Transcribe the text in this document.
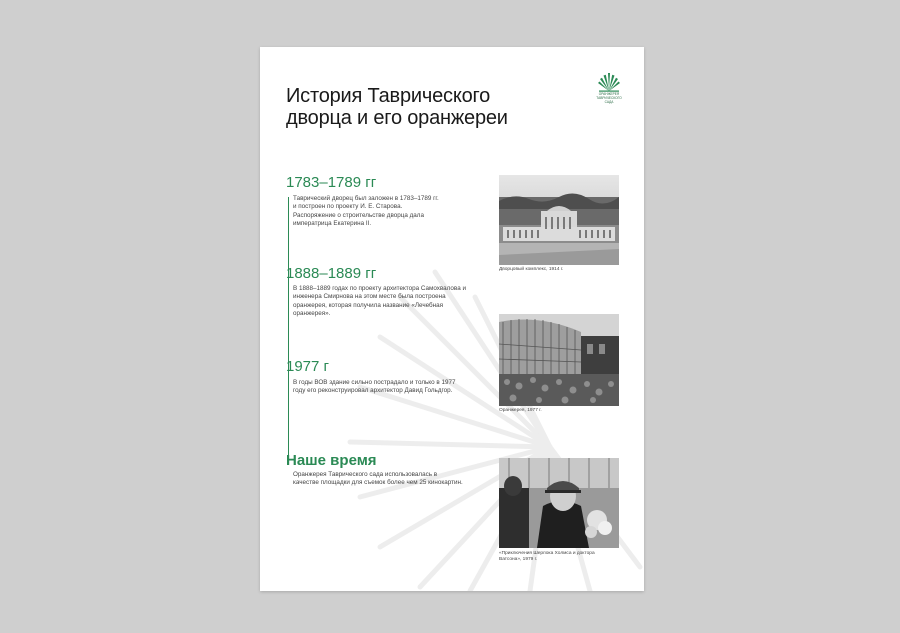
История Таврического дворца и его оранжереи
ОРАНЖЕРЕЯ ТАВРИЧЕСКОГО САДА
1783–1789 гг

Таврический дворец был заложен в 1783–1789 гг. и построен по проекту И. Е. Старова. Распоряжение о строительстве дворца дала императрица Екатерина II.

1888–1889 гг

В 1888–1889 годах по проекту архитектора Самохвалова и инженера Смирнова на этом месте была построена оранжерея, которая получила название «Лечебная оранжерея».

1977 г

В годы ВОВ здание сильно пострадало и только в 1977 году его реконструировал архитектор Давид Гольдгор.

Наше время

Оранжерея Таврического сада использовалась в качестве площадки для съемок более чем 25 кинокартин.

Дворцовый комплекс, 1914 г.

Оранжерея, 1977 г.

«Приключения Шерлока Холмса и доктора Ватсона», 1979 г.
